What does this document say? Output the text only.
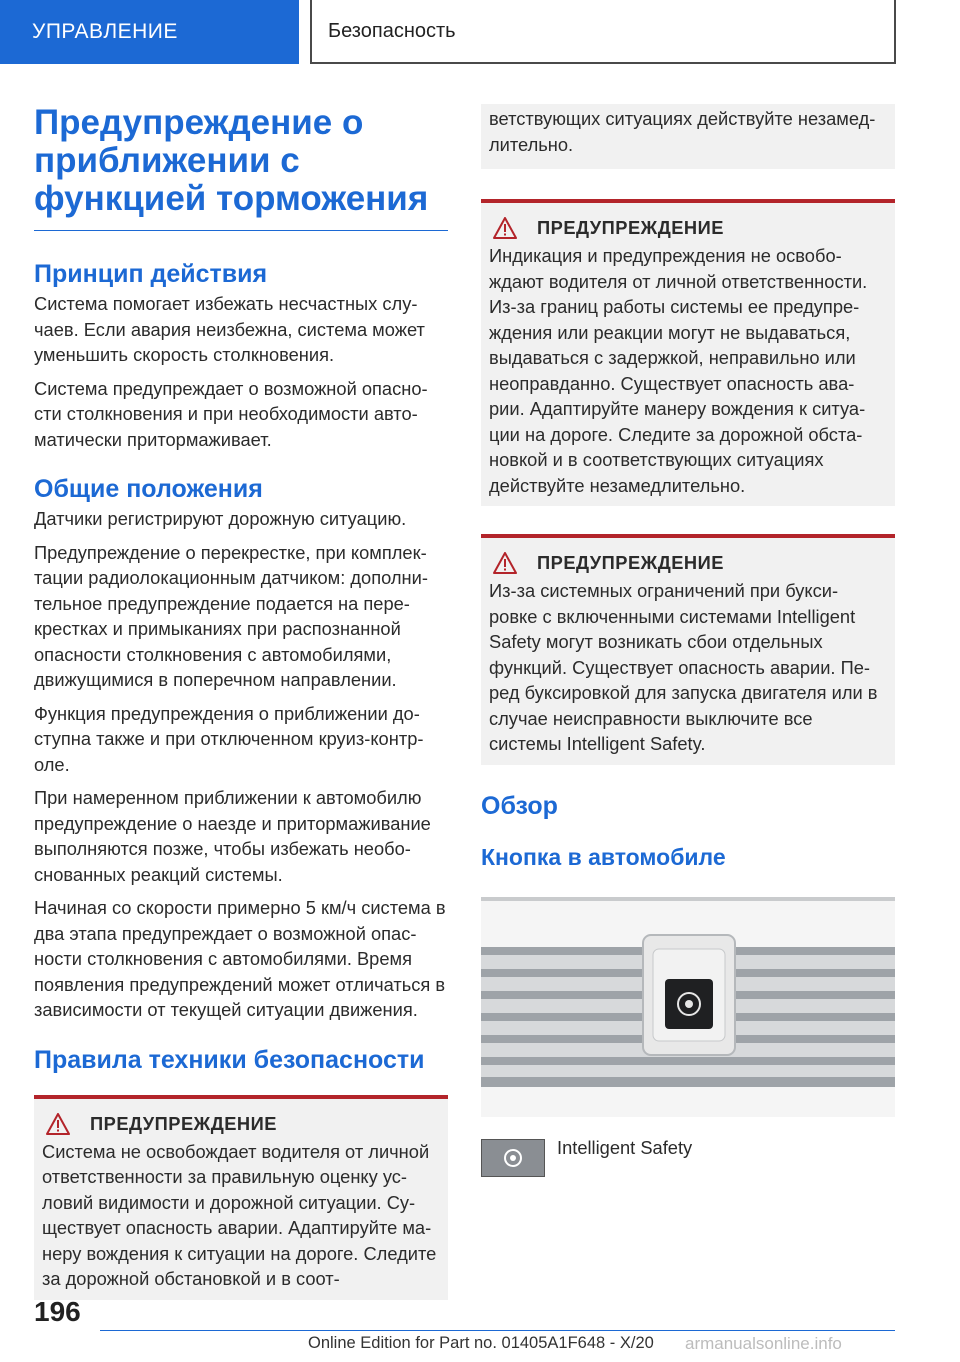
УПРАВЛЕНИЕ	Безопасность
Предупреждение о приближении с функцией торможения
Принцип действия

Система помогает избежать несчастных слу-чаев. Если авария неизбежна, система может уменьшить скорость столкновения.

Система предупреждает о возможной опасно-сти столкновения и при необходимости авто-матически притормаживает.

Общие положения

Датчики регистрируют дорожную ситуацию.

Предупреждение о перекрестке, при комплек-тации радиолокационным датчиком: дополни-тельное предупреждение подается на пере-крестках и примыканиях при распознанной опасности столкновения с автомобилями, движущимися в поперечном направлении.

Функция предупреждения о приближении до-ступна также и при отключенном круиз-контр-оле.

При намеренном приближении к автомобилю предупреждение о наезде и притормаживание выполняются позже, чтобы избежать необо-снованных реакций системы.

Начиная со скорости примерно 5 км/ч система в два этапа предупреждает о возможной опас-ности столкновения с автомобилями. Время появления предупреждений может отличаться в зависимости от текущей ситуации движения.

Правила техники безопасности
ПРЕДУПРЕЖДЕНИЕ

Система не освобождает водителя от личной ответственности за правильную оценку ус-ловий видимости и дорожной ситуации. Су-ществует опасность аварии. Адаптируйте ма-неру вождения к ситуации на дороге. Следите за дорожной обстановкой и в соот-

ветствующих ситуациях действуйте незамед-лительно.

ПРЕДУПРЕЖДЕНИЕ

Индикация и предупреждения не освобо-ждают водителя от личной ответственности. Из-за границ работы системы ее предупре-ждения или реакции могут не выдаваться, выдаваться с задержкой, неправильно или неоправданно. Существует опасность ава-рии. Адаптируйте манеру вождения к ситуа-ции на дороге. Следите за дорожной обста-новкой и в соответствующих ситуациях действуйте незамедлительно.

ПРЕДУПРЕЖДЕНИЕ

Из-за системных ограничений при букси-ровке с включенными системами Intelligent Safety могут возникать сбои отдельных функций. Существует опасность аварии. Пе-ред буксировкой для запуска двигателя или в случае неисправности выключите все системы Intelligent Safety.

Обзор
Кнопка в автомобиле
Intelligent Safety
196
Online Edition for Part no. 01405A1F648 - X/20 armanualsonline.info
